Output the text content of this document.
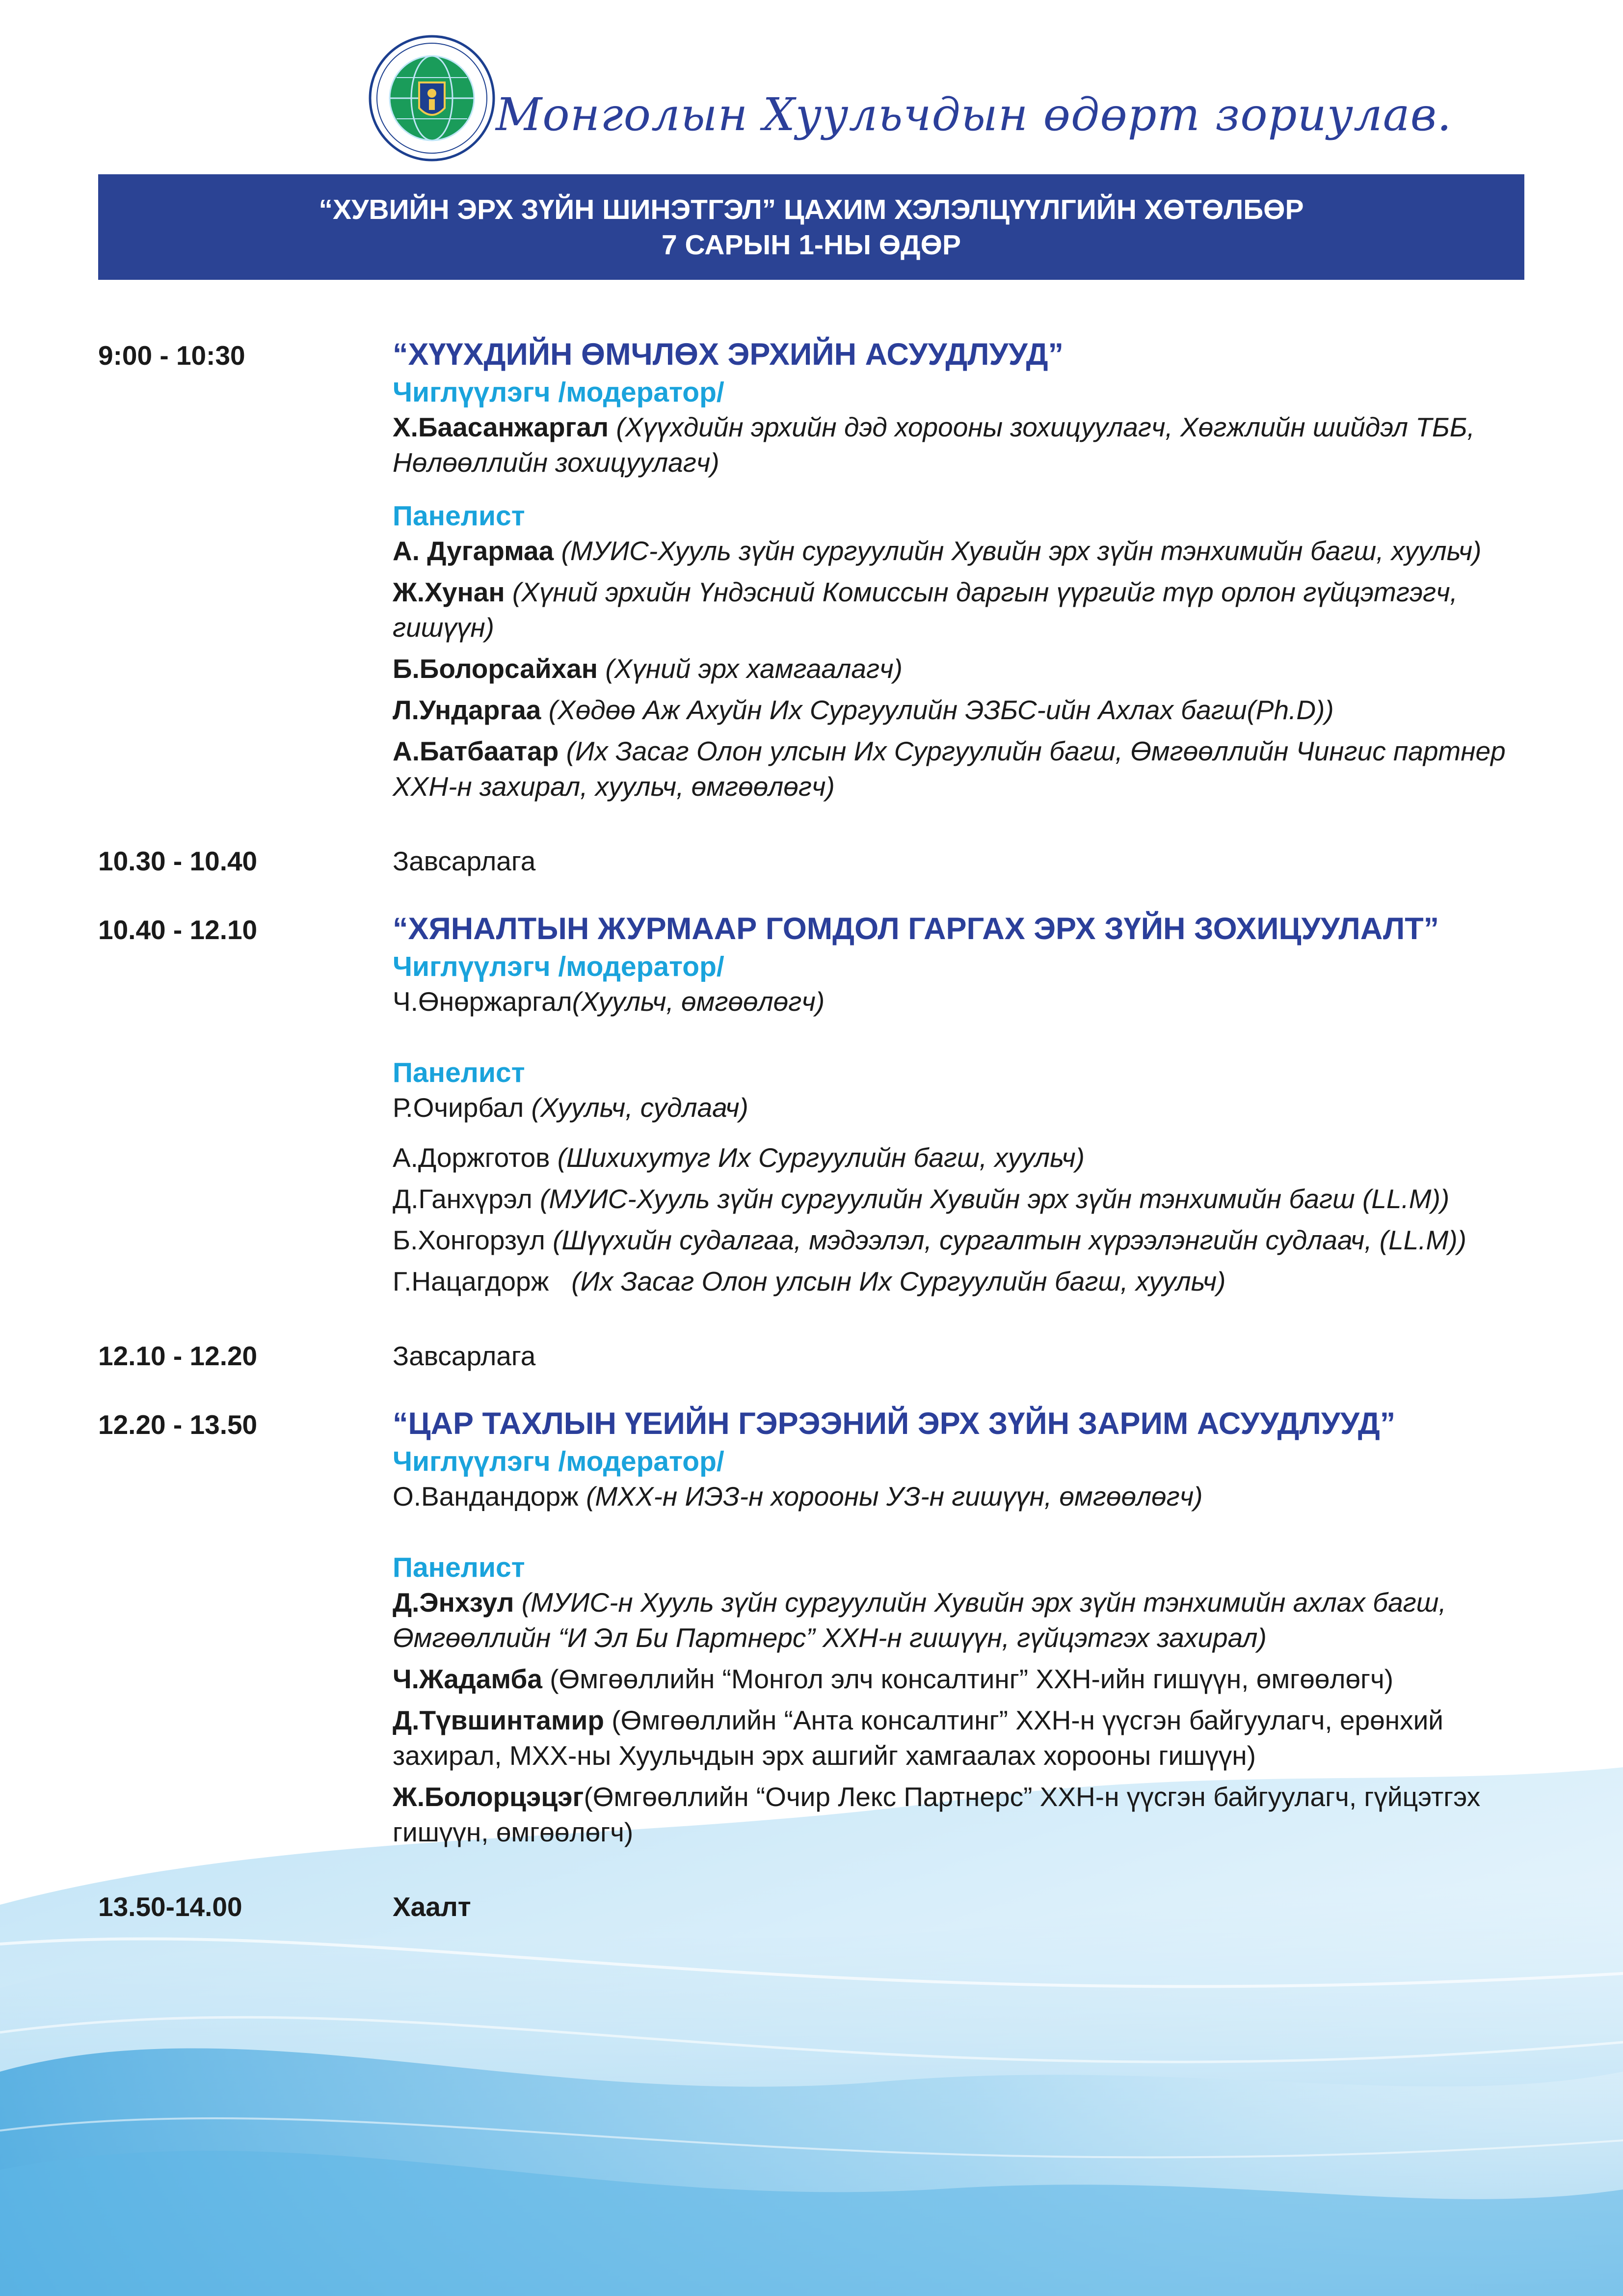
Монголын Хуульчдын өдөрт зориулав.
“ХУВИЙН ЭРХ ЗҮЙН ШИНЭТГЭЛ” ЦАХИМ ХЭЛЭЛЦҮҮЛГИЙН ХӨТӨЛБӨР
7 САРЫН 1-НЫ ӨДӨР
9:00 - 10:30	“ХҮҮХДИЙН ӨМЧЛӨХ ЭРХИЙН АСУУДЛУУД”
Чиглүүлэгч /модератор/
Х.Баасанжаргал (Хүүхдийн эрхийн дэд хорооны зохицуулагч, Хөгжлийн шийдэл ТББ, Нөлөөллийн зохицуулагч)
Панелист
А. Дугармаа (МУИС-Хууль зүйн сургуулийн Хувийн эрх зүйн тэнхимийн багш, хуульч)
Ж.Хунан (Хүний эрхийн Үндэсний Комиссын даргын үүргийг түр орлон гүйцэтгэгч, гишүүн)
Б.Болорсайхан (Хүний эрх хамгаалагч)
Л.Ундаргаа (Хөдөө Аж Ахуйн Их Сургуулийн ЭЗБС-ийн Ахлах багш(Ph.D))
А.Батбаатар (Их Засаг Олон улсын Их Сургуулийн багш, Өмгөөллийн Чингис партнер ХХН-н захирал, хуульч, өмгөөлөгч)
10.30 - 10.40	Завсарлага
10.40 - 12.10	“ХЯНАЛТЫН ЖУРМААР ГОМДОЛ ГАРГАХ ЭРХ ЗҮЙН ЗОХИЦУУЛАЛТ”
Чиглүүлэгч /модератор/
Ч.Өнөржаргал(Хуульч, өмгөөлөгч)
Панелист
Р.Очирбал (Хуульч, судлаач)
А.Доржготов (Шихихутуг Их Сургуулийн багш, хуульч)
Д.Ганхүрэл (МУИС-Хууль зүйн сургуулийн Хувийн эрх зүйн тэнхимийн багш (LL.M))
Б.Хонгорзул (Шүүхийн судалгаа, мэдээлэл, сургалтын хүрээлэнгийн судлаач, (LL.M))
Г.Нацагдорж (Их Засаг Олон улсын Их Сургуулийн багш, хуульч)
12.10 - 12.20	Завсарлага
12.20 - 13.50	“ЦАР ТАХЛЫН ҮЕИЙН ГЭРЭЭНИЙ ЭРХ ЗҮЙН ЗАРИМ АСУУДЛУУД”
Чиглүүлэгч /модератор/
О.Вандандорж (МХХ-н ИЭЗ-н хорооны УЗ-н гишүүн, өмгөөлөгч)
Панелист
Д.Энхзул (МУИС-н Хууль зүйн сургуулийн Хувийн эрх зүйн тэнхимийн ахлах багш, Өмгөөллийн “И Эл Би Партнерс” ХХН-н гишүүн, гүйцэтгэх захирал)
Ч.Жадамба (Өмгөөллийн “Монгол элч консалтинг” ХХН-ийн гишүүн, өмгөөлөгч)
Д.Түвшинтамир (Өмгөөллийн “Анта консалтинг” ХХН-н үүсгэн байгуулагч, ерөнхий захирал, МХХ-ны Хуульчдын эрх ашгийг хамгаалах хорооны гишүүн)
Ж.Болорцэцэг(Өмгөөллийн “Очир Лекс Партнерс” ХХН-н үүсгэн байгуулагч, гүйцэтгэх гишүүн, өмгөөлөгч)
13.50-14.00	Хаалт
